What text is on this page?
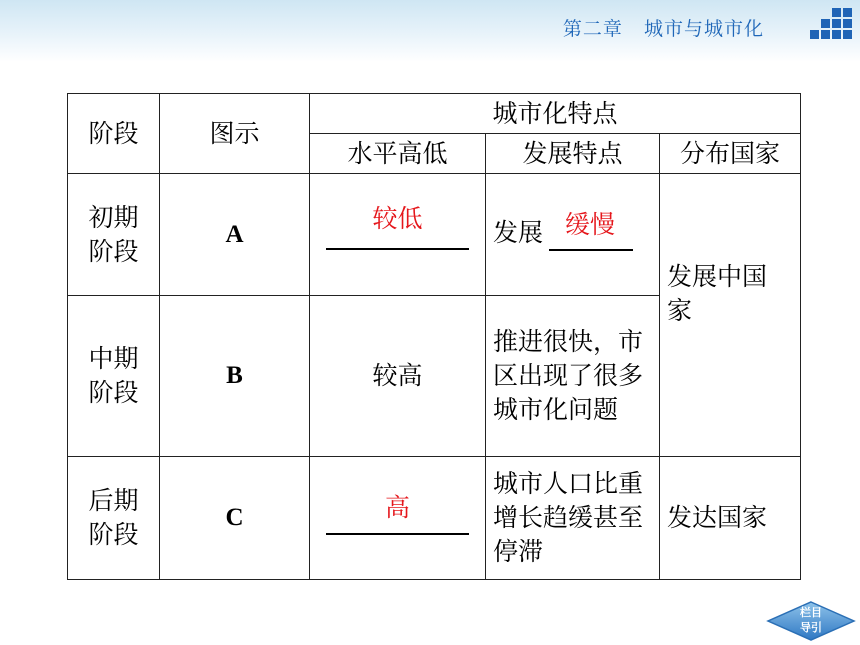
第二章 城市与城市化
阶段	图示	城市化特点		
		水平高低	发展特点	分布国家

初期阶段	A	较低	发展 缓慢	发展中国家

中期阶段	B	较高	推进很快，市区出现了很多城市化问题	

后期阶段	C	高	城市人口比重增长趋缓甚至停滞	发达国家
栏目
导引
